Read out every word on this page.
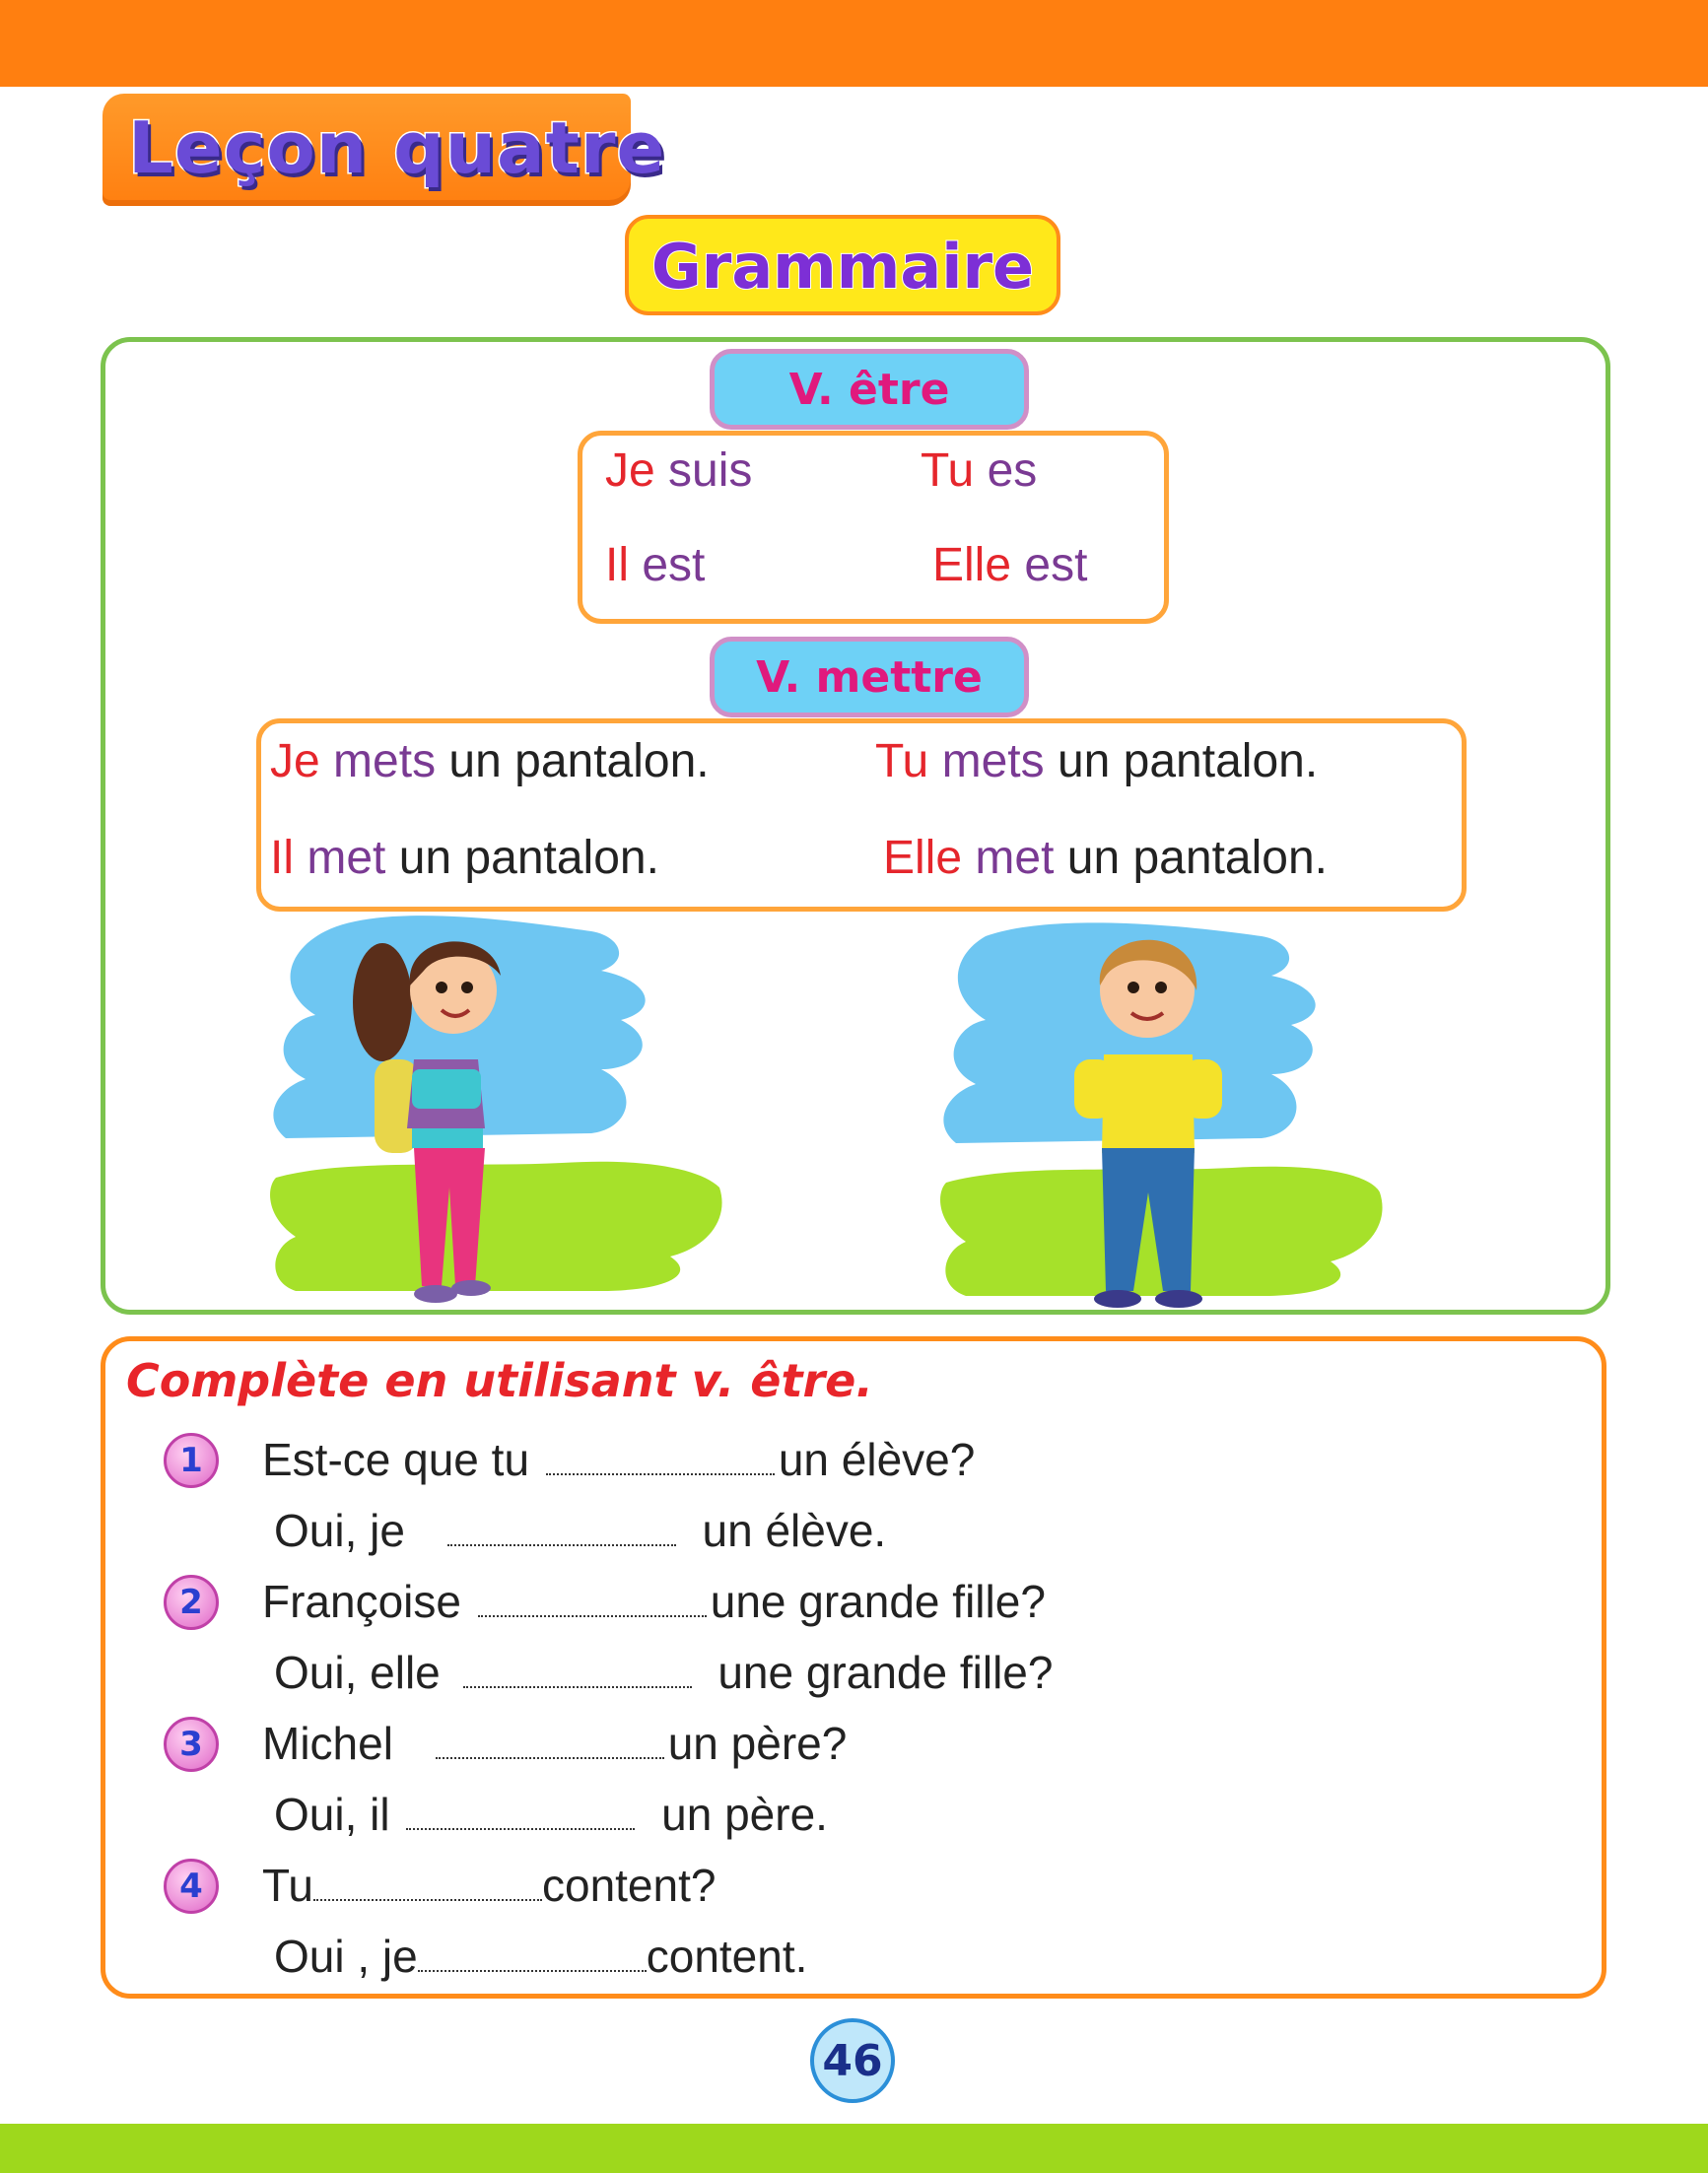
Leçon quatre
Grammaire
V. être
Je suis	Tu es
Il est	Elle est
V. mettre
Je mets un pantalon.	Tu mets un pantalon.
Il met un pantalon.	Elle met un pantalon.
Complète en utilisant v. être.
1	Est-ce que tu	un élève?
Oui, je	un élève.
2	Françoise	une grande fille?
Oui, elle	une grande fille?
3	Michel	un père?
Oui, il	un père.
4	Tu	content?
Oui , je	content.
46
